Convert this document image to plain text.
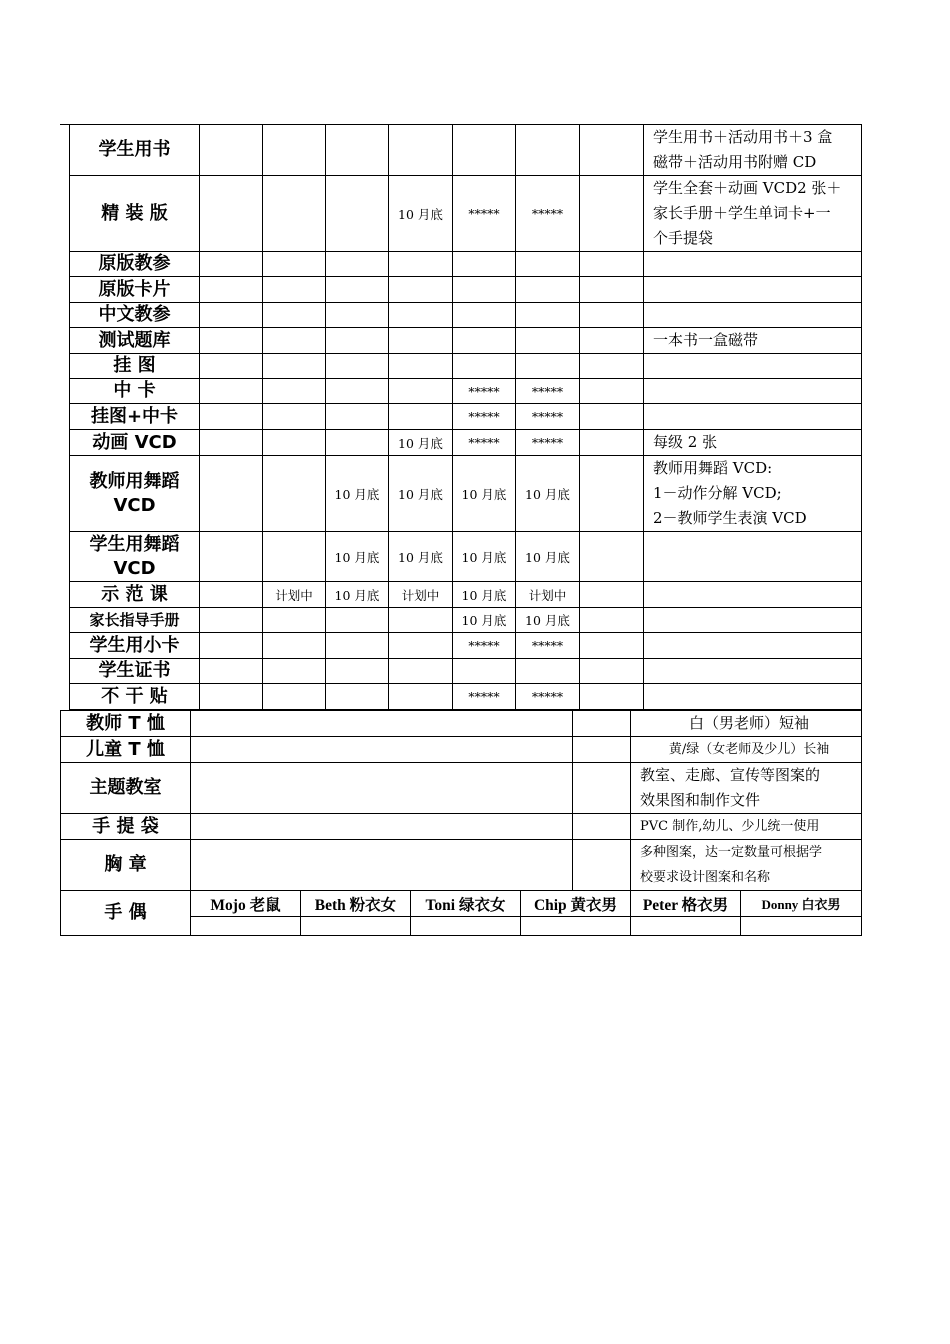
学生用书								学生用书＋活动用书＋3 盒
磁带＋活动用书附赠 CD

精 装 版				10 月底	*****	*****		学生全套＋动画 VCD2 张＋
家长手册＋学生单词卡+一
个手提袋

原版教参								
原版卡片								
中文教参								
测试题库								一本书一盒磁带

挂 图								
中 卡					*****	*****		
挂图+中卡					*****	*****		
动画 VCD				10 月底	*****	*****		每级 2 张

教师用舞蹈
VCD			10 月底	10 月底	10 月底	10 月底		教师用舞蹈 VCD:
1－动作分解 VCD;
2－教师学生表演 VCD

学生用舞蹈
VCD			10 月底	10 月底	10 月底	10 月底		
示 范 课		计划中	10 月底	计划中	10 月底	计划中		
家长指导手册					10 月底	10 月底		
学生用小卡					*****	*****		
学生证书								
不 干 贴					*****	*****		
教师 T 恤						白（男老师）短袖	
儿童 T 恤						黄/绿（女老师及少儿）长袖	
主题教室						教室、走廊、宣传等图案的
效果图和制作文件	

手 提 袋						PVC 制作,幼儿、少儿统一使用	
胸 章						多种图案，达一定数量可根据学
校要求设计图案和名称	

手 偶	Mojo 老鼠	Beth 粉衣女	Toni 绿衣女	Chip 黄衣男		Peter 格衣男	Donny 白衣男
